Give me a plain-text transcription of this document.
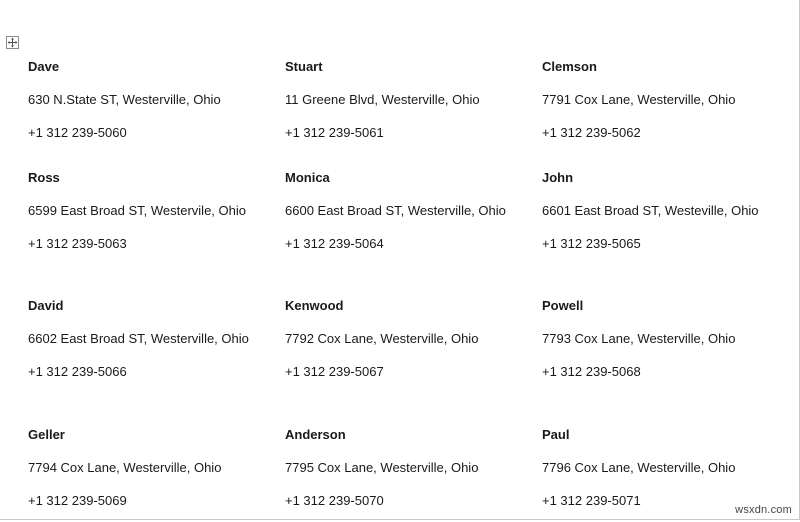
Dave
630 N.State ST, Westerville, Ohio
+1 312 239-5060
Stuart
11 Greene Blvd, Westerville, Ohio
+1 312 239-5061
Clemson
7791 Cox Lane, Westerville, Ohio
+1 312 239-5062
Ross
6599 East Broad ST, Westervile, Ohio
+1 312 239-5063
Monica
6600 East Broad ST, Westerville, Ohio
+1 312 239-5064
John
6601 East Broad ST, Westeville, Ohio
+1 312 239-5065
David
6602 East Broad ST, Westerville, Ohio
+1 312 239-5066
Kenwood
7792 Cox Lane, Westerville, Ohio
+1 312 239-5067
Powell
7793 Cox Lane, Westerville, Ohio
+1 312 239-5068
Geller
7794 Cox Lane, Westerville, Ohio
+1 312 239-5069
Anderson
7795 Cox Lane, Westerville, Ohio
+1 312 239-5070
Paul
7796 Cox Lane, Westerville, Ohio
+1 312 239-5071
wsxdn.com
